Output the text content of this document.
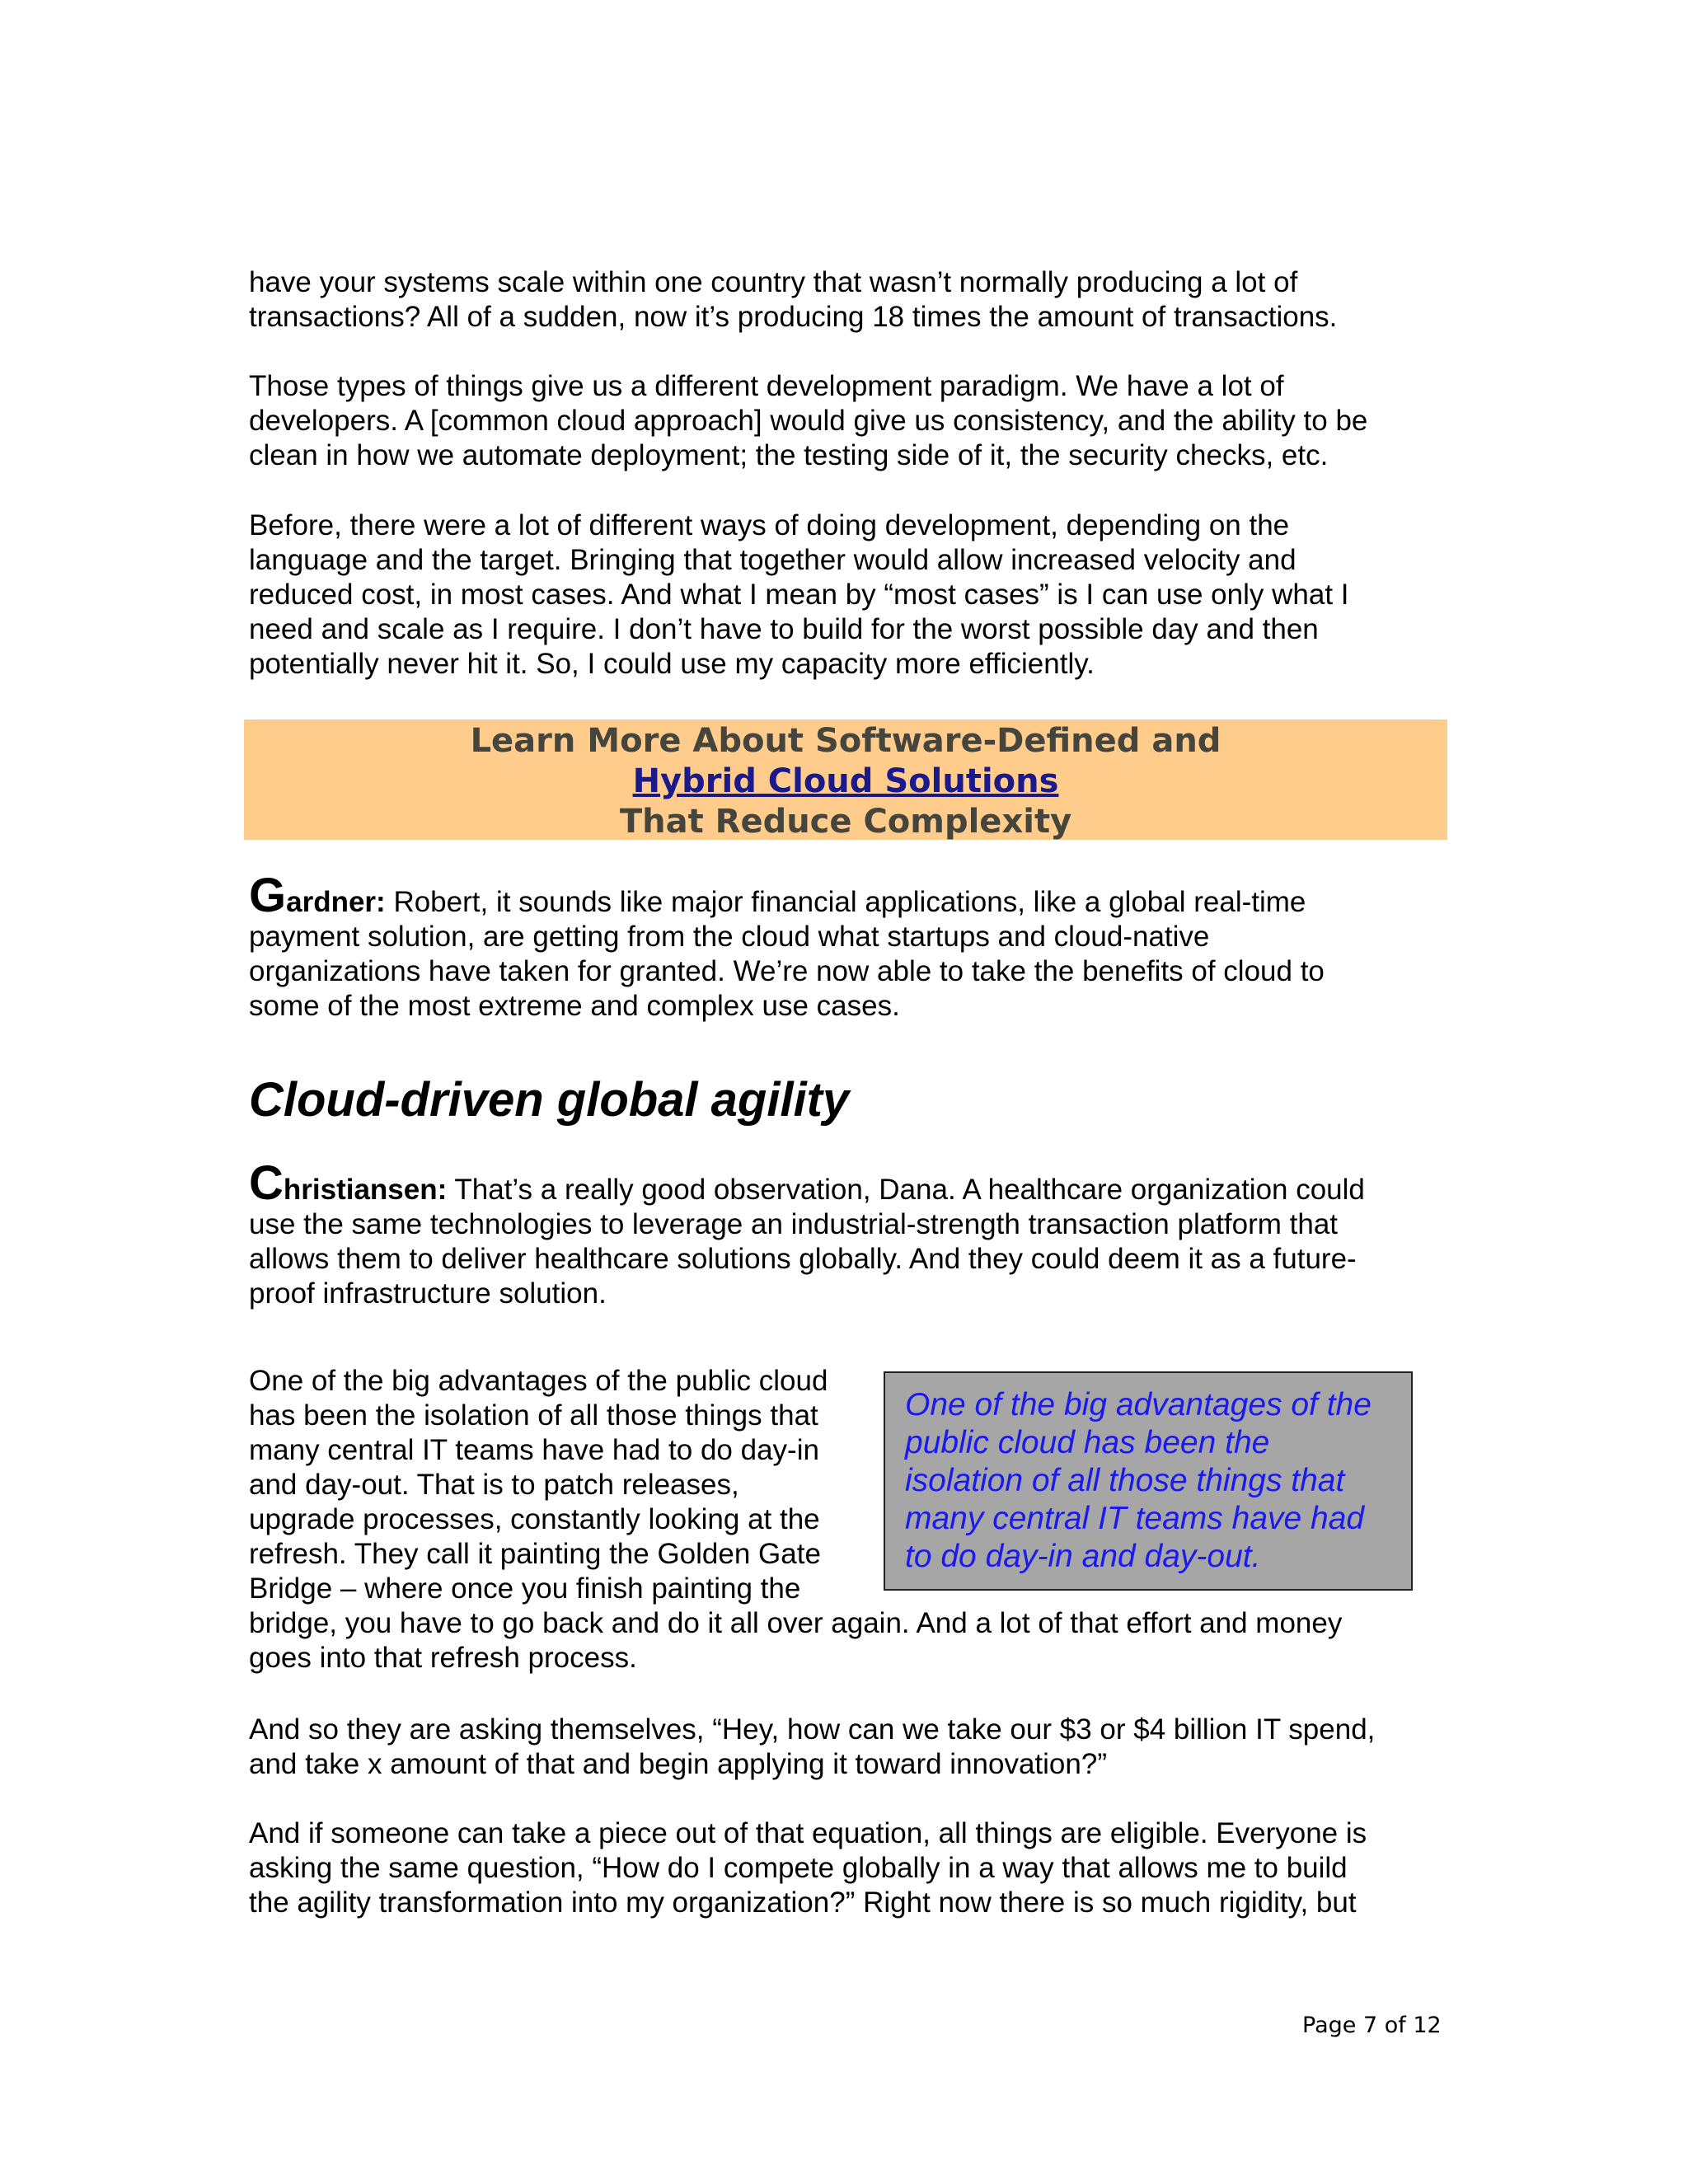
have your systems scale within one country that wasn’t normally producing a lot of
transactions? All of a sudden, now it’s producing 18 times the amount of transactions.

Those types of things give us a different development paradigm. We have a lot of
developers. A [common cloud approach] would give us consistency, and the ability to be
clean in how we automate deployment; the testing side of it, the security checks, etc.

Before, there were a lot of different ways of doing development, depending on the
language and the target. Bringing that together would allow increased velocity and
reduced cost, in most cases. And what I mean by “most cases” is I can use only what I
need and scale as I require. I don’t have to build for the worst possible day and then
potentially never hit it. So, I could use my capacity more efficiently.

Learn More About Software-Defined and
Hybrid Cloud Solutions
That Reduce Complexity

Gardner: Robert, it sounds like major financial applications, like a global real-time
payment solution, are getting from the cloud what startups and cloud-native
organizations have taken for granted. We’re now able to take the benefits of cloud to
some of the most extreme and complex use cases.

Cloud-driven global agility

Christiansen: That’s a really good observation, Dana. A healthcare organization could
use the same technologies to leverage an industrial-strength transaction platform that
allows them to deliver healthcare solutions globally. And they could deem it as a future-
proof infrastructure solution.

One of the big advantages of the public cloud
has been the isolation of all those things that
many central IT teams have had to do day-in
and day-out. That is to patch releases,
upgrade processes, constantly looking at the
refresh. They call it painting the Golden Gate
Bridge – where once you finish painting the
bridge, you have to go back and do it all over again. And a lot of that effort and money
goes into that refresh process.

One of the big advantages of the
public cloud has been the
isolation of all those things that
many central IT teams have had
to do day-in and day-out.

And so they are asking themselves, “Hey, how can we take our $3 or $4 billion IT spend,
and take x amount of that and begin applying it toward innovation?”

And if someone can take a piece out of that equation, all things are eligible. Everyone is
asking the same question, “How do I compete globally in a way that allows me to build
the agility transformation into my organization?” Right now there is so much rigidity, but

Page 7 of 12
